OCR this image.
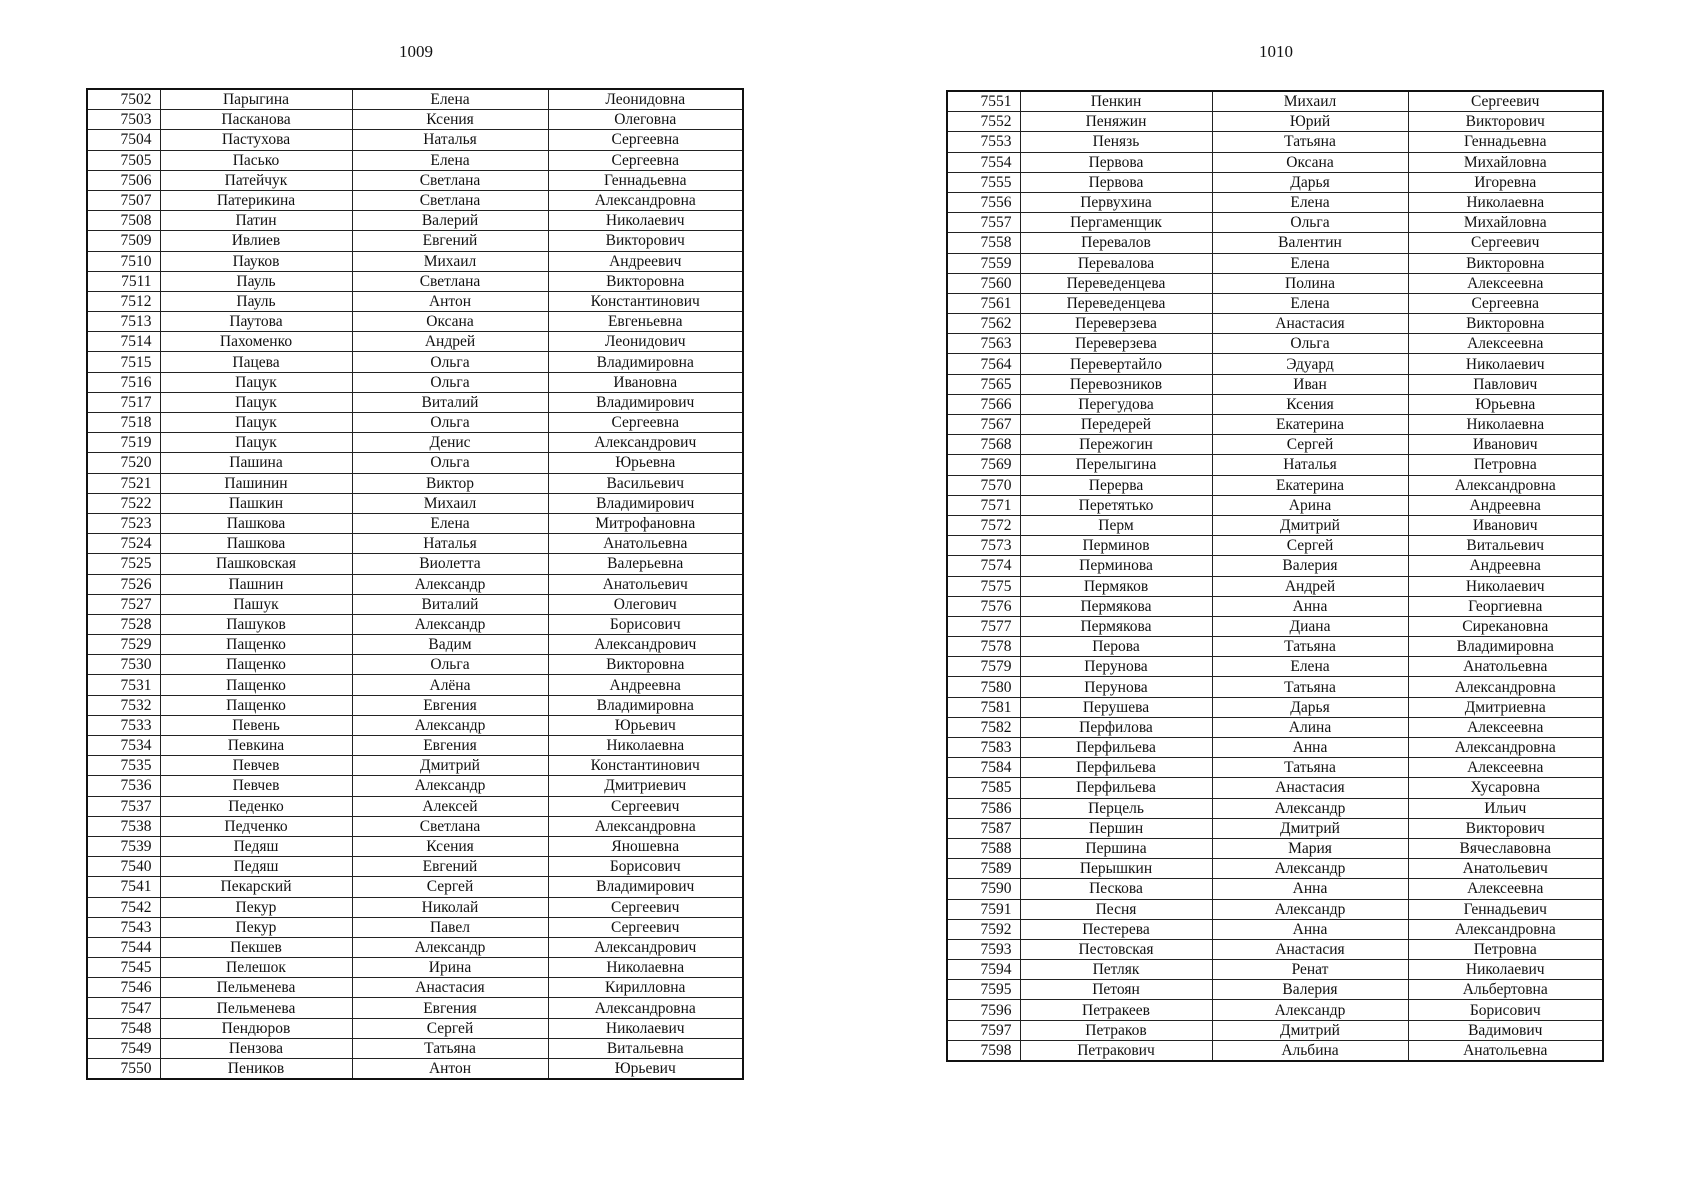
1009
7502	Парыгина	Елена	Леонидовна
7503	Пасканова	Ксения	Олеговна
7504	Пастухова	Наталья	Сергеевна
7505	Пасько	Елена	Сергеевна
7506	Патейчук	Светлана	Геннадьевна
7507	Патерикина	Светлана	Александровна
7508	Патин	Валерий	Николаевич
7509	Ивлиев	Евгений	Викторович
7510	Пауков	Михаил	Андреевич
7511	Пауль	Светлана	Викторовна
7512	Пауль	Антон	Константинович
7513	Паутова	Оксана	Евгеньевна
7514	Пахоменко	Андрей	Леонидович
7515	Пацева	Ольга	Владимировна
7516	Пацук	Ольга	Ивановна
7517	Пацук	Виталий	Владимирович
7518	Пацук	Ольга	Сергеевна
7519	Пацук	Денис	Александрович
7520	Пашина	Ольга	Юрьевна
7521	Пашинин	Виктор	Васильевич
7522	Пашкин	Михаил	Владимирович
7523	Пашкова	Елена	Митрофановна
7524	Пашкова	Наталья	Анатольевна
7525	Пашковская	Виолетта	Валерьевна
7526	Пашнин	Александр	Анатольевич
7527	Пашук	Виталий	Олегович
7528	Пашуков	Александр	Борисович
7529	Пащенко	Вадим	Александрович
7530	Пащенко	Ольга	Викторовна
7531	Пащенко	Алёна	Андреевна
7532	Пащенко	Евгения	Владимировна
7533	Певень	Александр	Юрьевич
7534	Певкина	Евгения	Николаевна
7535	Певчев	Дмитрий	Константинович
7536	Певчев	Александр	Дмитриевич
7537	Педенко	Алексей	Сергеевич
7538	Педченко	Светлана	Александровна
7539	Педяш	Ксения	Яношевна
7540	Педяш	Евгений	Борисович
7541	Пекарский	Сергей	Владимирович
7542	Пекур	Николай	Сергеевич
7543	Пекур	Павел	Сергеевич
7544	Пекшев	Александр	Александрович
7545	Пелешок	Ирина	Николаевна
7546	Пельменева	Анастасия	Кирилловна
7547	Пельменева	Евгения	Александровна
7548	Пендюров	Сергей	Николаевич
7549	Пензова	Татьяна	Витальевна
7550	Пеников	Антон	Юрьевич
1010
7551	Пенкин	Михаил	Сергеевич
7552	Пеняжин	Юрий	Викторович
7553	Пенязь	Татьяна	Геннадьевна
7554	Первова	Оксана	Михайловна
7555	Первова	Дарья	Игоревна
7556	Первухина	Елена	Николаевна
7557	Пергаменщик	Ольга	Михайловна
7558	Перевалов	Валентин	Сергеевич
7559	Перевалова	Елена	Викторовна
7560	Переведенцева	Полина	Алексеевна
7561	Переведенцева	Елена	Сергеевна
7562	Переверзева	Анастасия	Викторовна
7563	Переверзева	Ольга	Алексеевна
7564	Перевертайло	Эдуард	Николаевич
7565	Перевозников	Иван	Павлович
7566	Перегудова	Ксения	Юрьевна
7567	Передерей	Екатерина	Николаевна
7568	Пережогин	Сергей	Иванович
7569	Перелыгина	Наталья	Петровна
7570	Перерва	Екатерина	Александровна
7571	Перетятько	Арина	Андреевна
7572	Перм	Дмитрий	Иванович
7573	Перминов	Сергей	Витальевич
7574	Перминова	Валерия	Андреевна
7575	Пермяков	Андрей	Николаевич
7576	Пермякова	Анна	Георгиевна
7577	Пермякова	Диана	Сирекановна
7578	Перова	Татьяна	Владимировна
7579	Перунова	Елена	Анатольевна
7580	Перунова	Татьяна	Александровна
7581	Перушева	Дарья	Дмитриевна
7582	Перфилова	Алина	Алексеевна
7583	Перфильева	Анна	Александровна
7584	Перфильева	Татьяна	Алексеевна
7585	Перфильева	Анастасия	Хусаровна
7586	Перцель	Александр	Ильич
7587	Першин	Дмитрий	Викторович
7588	Першина	Мария	Вячеславовна
7589	Перышкин	Александр	Анатольевич
7590	Пескова	Анна	Алексеевна
7591	Песня	Александр	Геннадьевич
7592	Пестерева	Анна	Александровна
7593	Пестовская	Анастасия	Петровна
7594	Петляк	Ренат	Николаевич
7595	Петоян	Валерия	Альбертовна
7596	Петракеев	Александр	Борисович
7597	Петраков	Дмитрий	Вадимович
7598	Петракович	Альбина	Анатольевна
